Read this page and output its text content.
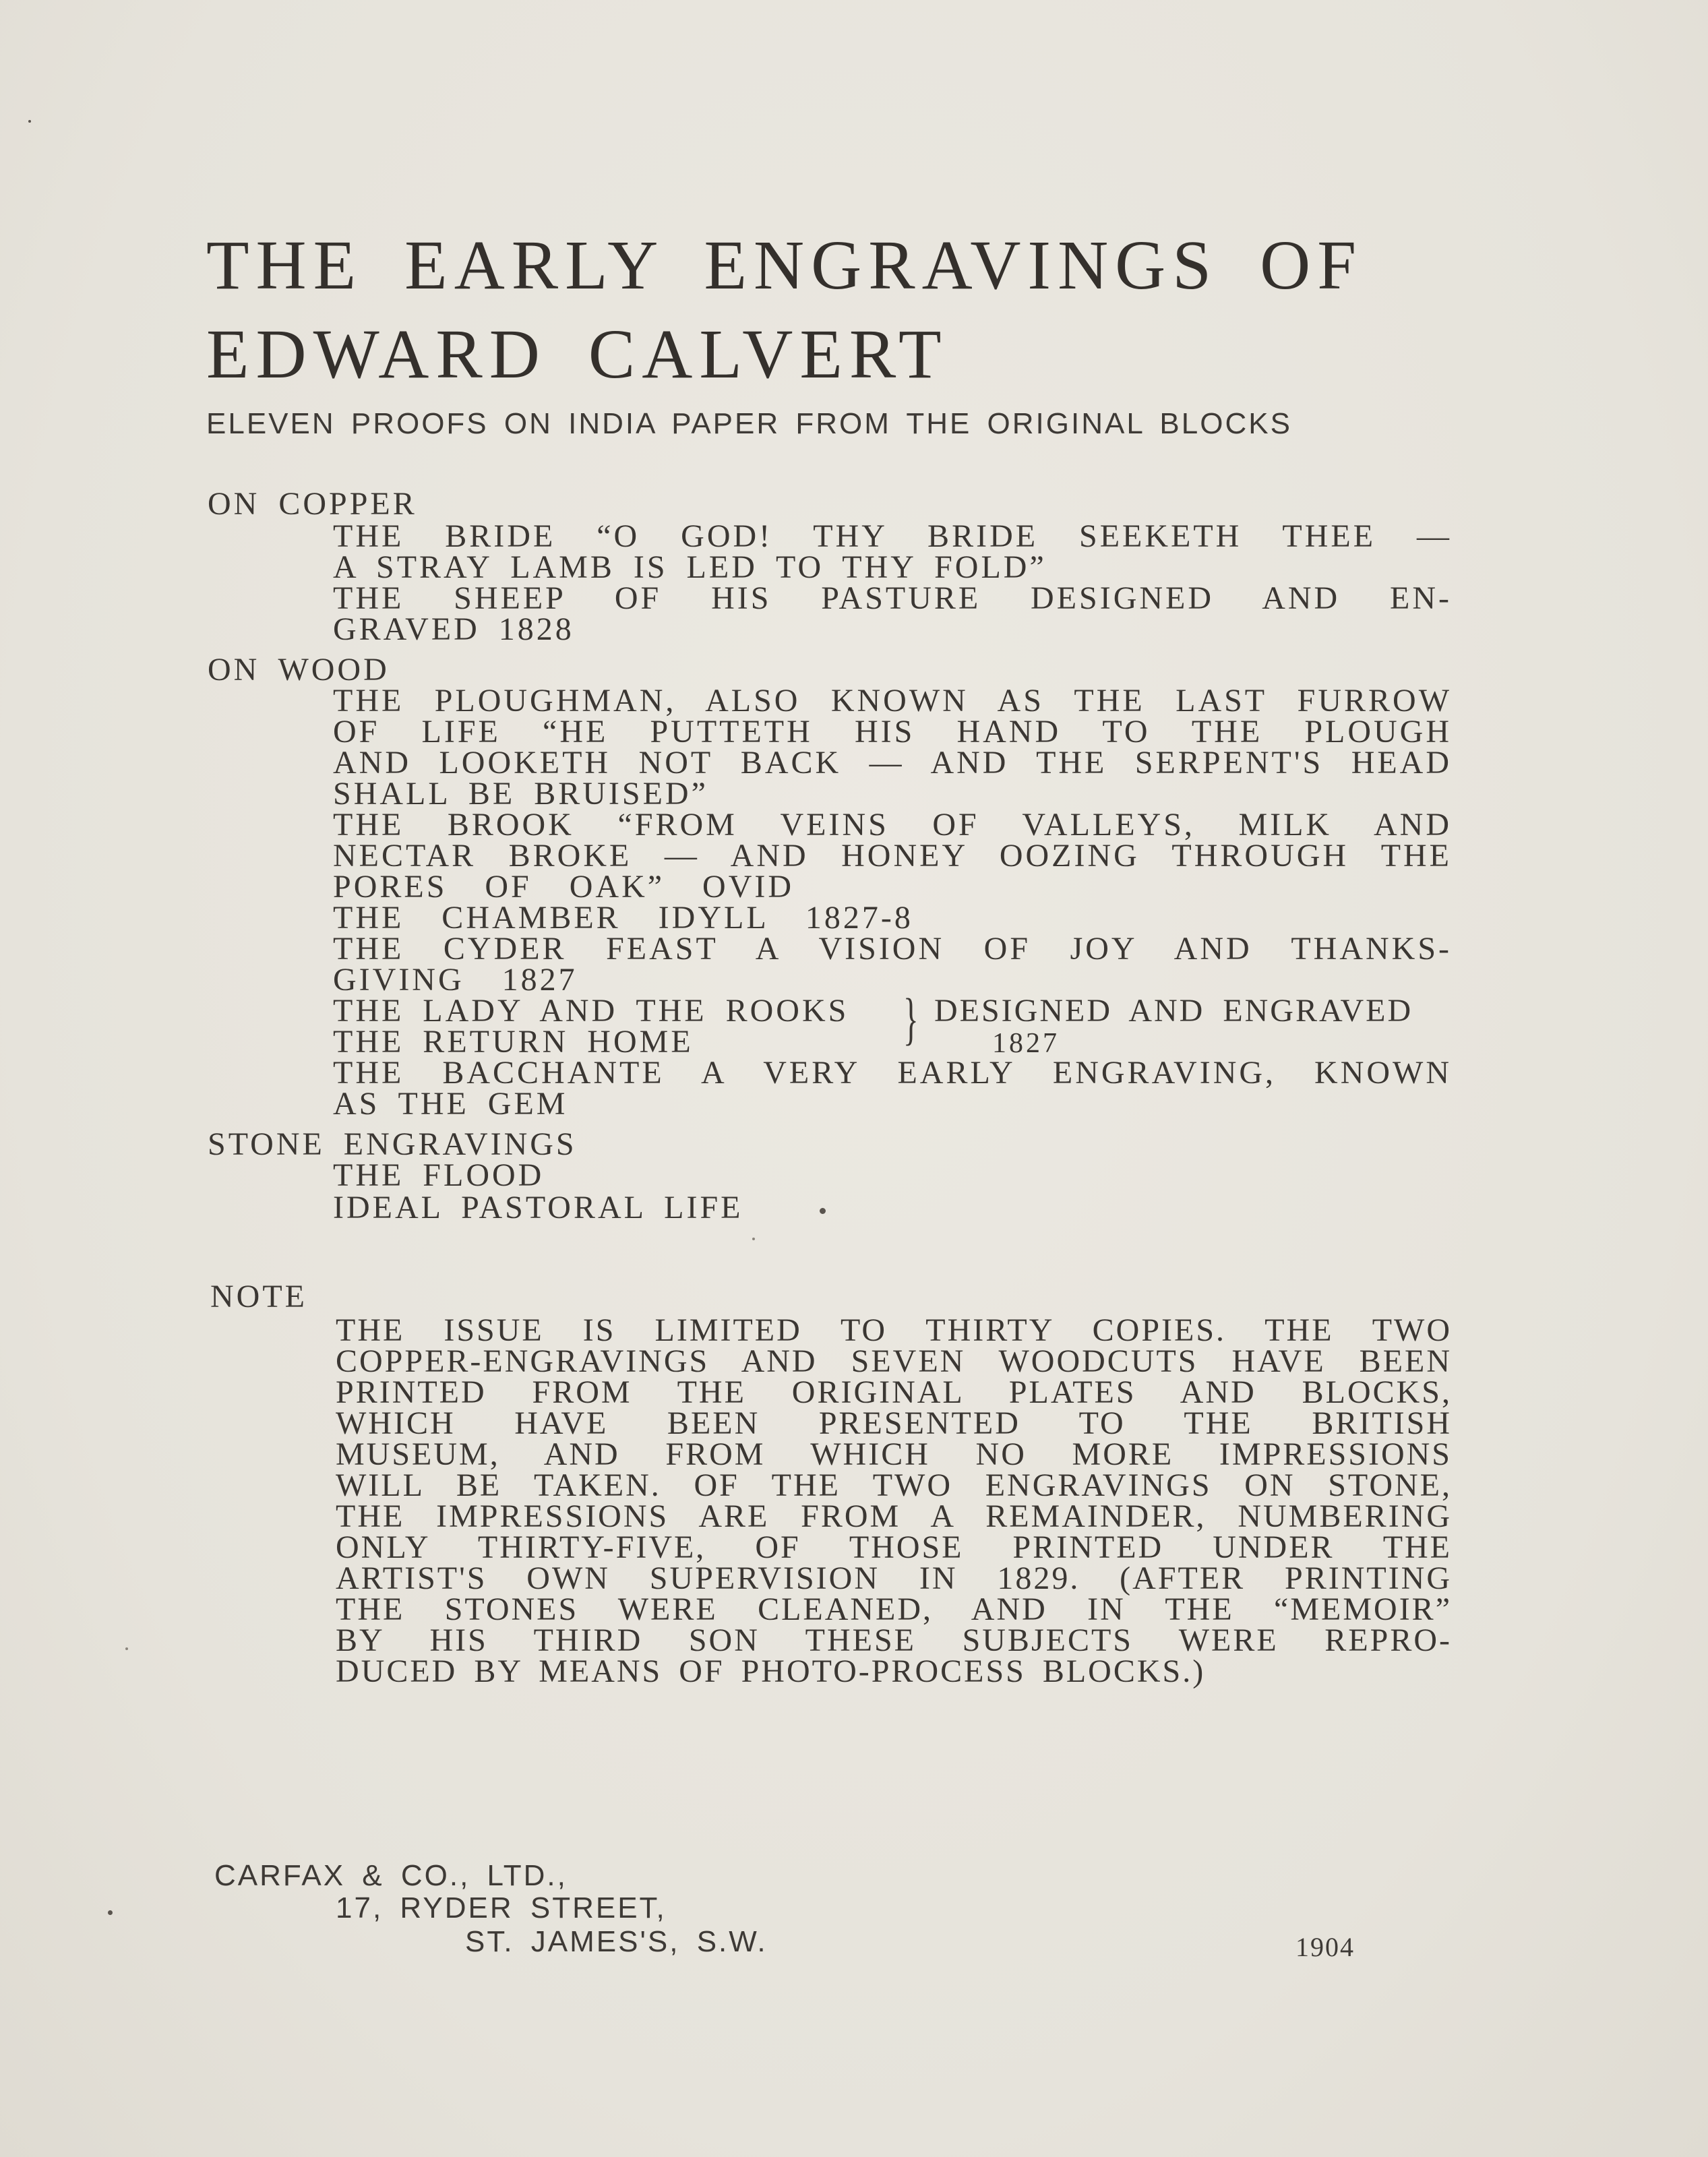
THE EARLY ENGRAVINGS OF
EDWARD CALVERT
ELEVEN PROOFS ON INDIA PAPER FROM THE ORIGINAL BLOCKS
ON COPPER
THE BRIDE “O GOD! THY BRIDE SEEKETH THEE —
A STRAY LAMB IS LED TO THY FOLD”
THE SHEEP OF HIS PASTURE DESIGNED AND EN-
GRAVED 1828
ON WOOD
THE PLOUGHMAN, ALSO KNOWN AS THE LAST FURROW
OF LIFE “HE PUTTETH HIS HAND TO THE PLOUGH
AND LOOKETH NOT BACK — AND THE SERPENT'S HEAD
SHALL BE BRUISED”
THE BROOK “FROM VEINS OF VALLEYS, MILK AND
NECTAR BROKE — AND HONEY OOZING THROUGH THE
PORES OF OAK” OVID
THE CHAMBER IDYLL 1827-8
THE CYDER FEAST A VISION OF JOY AND THANKS-
GIVING 1827
THE LADY AND THE ROOKS } DESIGNED AND ENGRAVED
THE RETURN HOME	1827
THE BACCHANTE A VERY EARLY ENGRAVING, KNOWN
AS THE GEM
STONE ENGRAVINGS
THE FLOOD
IDEAL PASTORAL LIFE
NOTE
THE ISSUE IS LIMITED TO THIRTY COPIES. THE TWO
COPPER-ENGRAVINGS AND SEVEN WOODCUTS HAVE BEEN
PRINTED FROM THE ORIGINAL PLATES AND BLOCKS,
WHICH HAVE BEEN PRESENTED TO THE BRITISH
MUSEUM, AND FROM WHICH NO MORE IMPRESSIONS
WILL BE TAKEN. OF THE TWO ENGRAVINGS ON STONE,
THE IMPRESSIONS ARE FROM A REMAINDER, NUMBERING
ONLY THIRTY-FIVE, OF THOSE PRINTED UNDER THE
ARTIST'S OWN SUPERVISION IN 1829. (AFTER PRINTING
THE STONES WERE CLEANED, AND IN THE “MEMOIR”
BY HIS THIRD SON THESE SUBJECTS WERE REPRO-
DUCED BY MEANS OF PHOTO-PROCESS BLOCKS.)
CARFAX & CO., LTD.,
17, RYDER STREET,
ST. JAMES'S, S.W.	1904
